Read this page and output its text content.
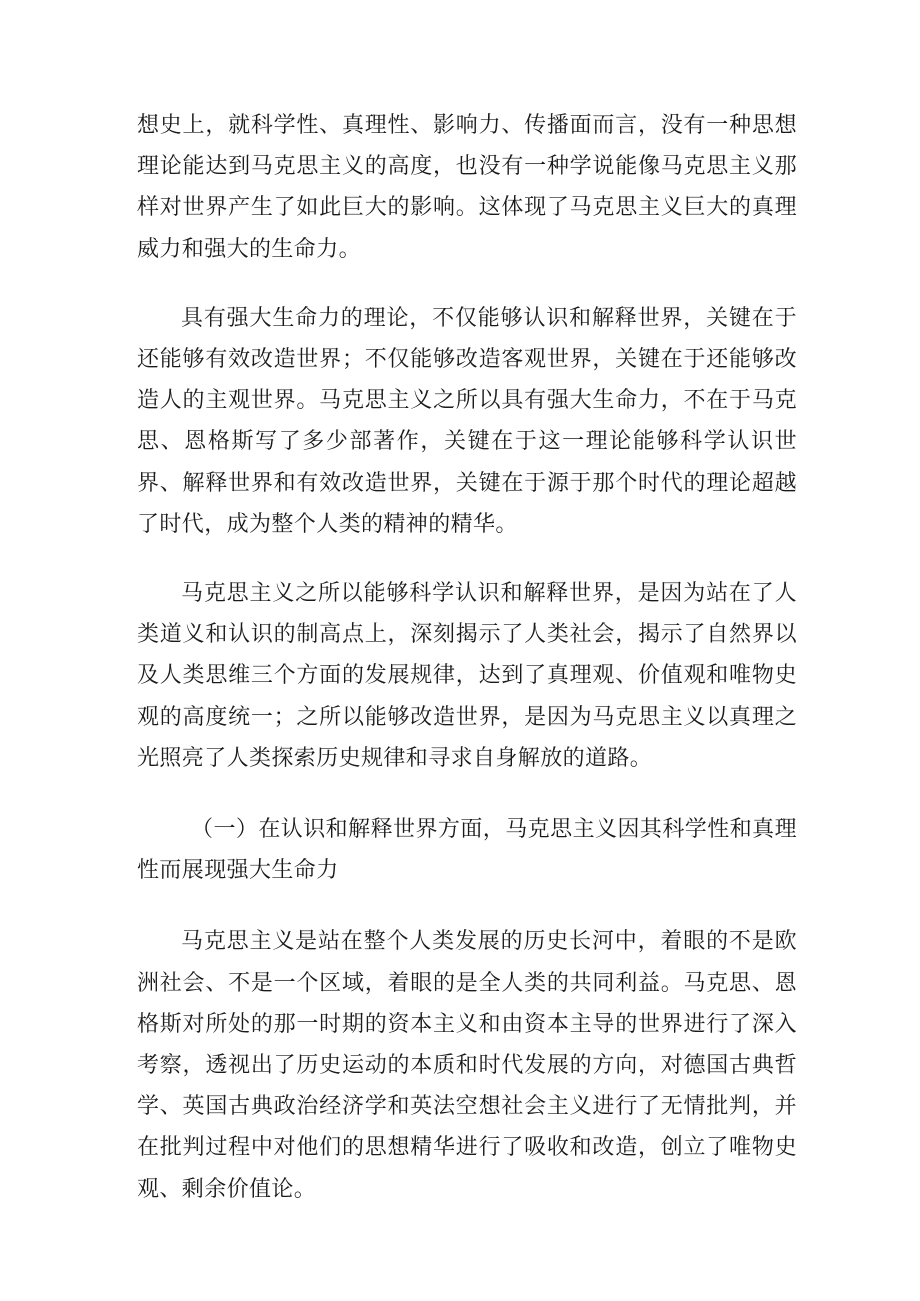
想史上，就科学性、真理性、影响力、传播面而言，没有一种思想理论能达到马克思主义的高度，也没有一种学说能像马克思主义那样对世界产生了如此巨大的影响。这体现了马克思主义巨大的真理威力和强大的生命力。

具有强大生命力的理论，不仅能够认识和解释世界，关键在于还能够有效改造世界；不仅能够改造客观世界，关键在于还能够改造人的主观世界。马克思主义之所以具有强大生命力，不在于马克思、恩格斯写了多少部著作，关键在于这一理论能够科学认识世界、解释世界和有效改造世界，关键在于源于那个时代的理论超越了时代，成为整个人类的精神的精华。

马克思主义之所以能够科学认识和解释世界，是因为站在了人类道义和认识的制高点上，深刻揭示了人类社会，揭示了自然界以及人类思维三个方面的发展规律，达到了真理观、价值观和唯物史观的高度统一；之所以能够改造世界，是因为马克思主义以真理之光照亮了人类探索历史规律和寻求自身解放的道路。

（一）在认识和解释世界方面，马克思主义因其科学性和真理性而展现强大生命力

马克思主义是站在整个人类发展的历史长河中，着眼的不是欧洲社会、不是一个区域，着眼的是全人类的共同利益。马克思、恩格斯对所处的那一时期的资本主义和由资本主导的世界进行了深入考察，透视出了历史运动的本质和时代发展的方向，对德国古典哲学、英国古典政治经济学和英法空想社会主义进行了无情批判，并在批判过程中对他们的思想精华进行了吸收和改造，创立了唯物史观、剩余价值论。
